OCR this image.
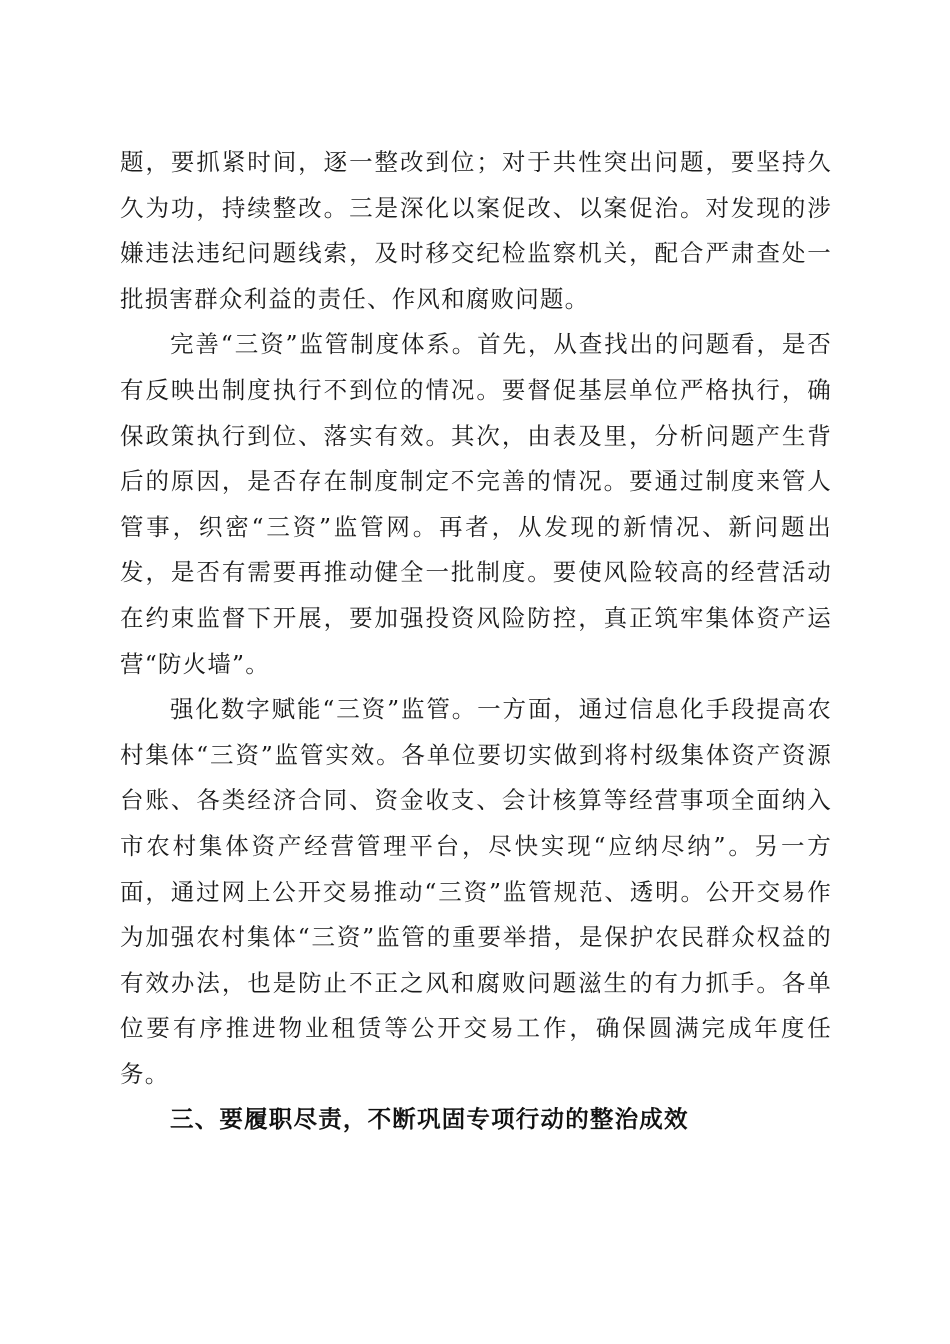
题，要抓紧时间，逐一整改到位；对于共性突出问题，要坚持久久为功，持续整改。三是深化以案促改、以案促治。对发现的涉嫌违法违纪问题线索，及时移交纪检监察机关，配合严肃查处一批损害群众利益的责任、作风和腐败问题。

完善“三资”监管制度体系。首先，从查找出的问题看，是否有反映出制度执行不到位的情况。要督促基层单位严格执行，确保政策执行到位、落实有效。其次，由表及里，分析问题产生背后的原因，是否存在制度制定不完善的情况。要通过制度来管人管事，织密“三资”监管网。再者，从发现的新情况、新问题出发，是否有需要再推动健全一批制度。要使风险较高的经营活动在约束监督下开展，要加强投资风险防控，真正筑牢集体资产运营“防火墙”。

强化数字赋能“三资”监管。一方面，通过信息化手段提高农村集体“三资”监管实效。各单位要切实做到将村级集体资产资源台账、各类经济合同、资金收支、会计核算等经营事项全面纳入市农村集体资产经营管理平台，尽快实现“应纳尽纳”。另一方面，通过网上公开交易推动“三资”监管规范、透明。公开交易作为加强农村集体“三资”监管的重要举措，是保护农民群众权益的有效办法，也是防止不正之风和腐败问题滋生的有力抓手。各单位要有序推进物业租赁等公开交易工作，确保圆满完成年度任务。

三、要履职尽责，不断巩固专项行动的整治成效
